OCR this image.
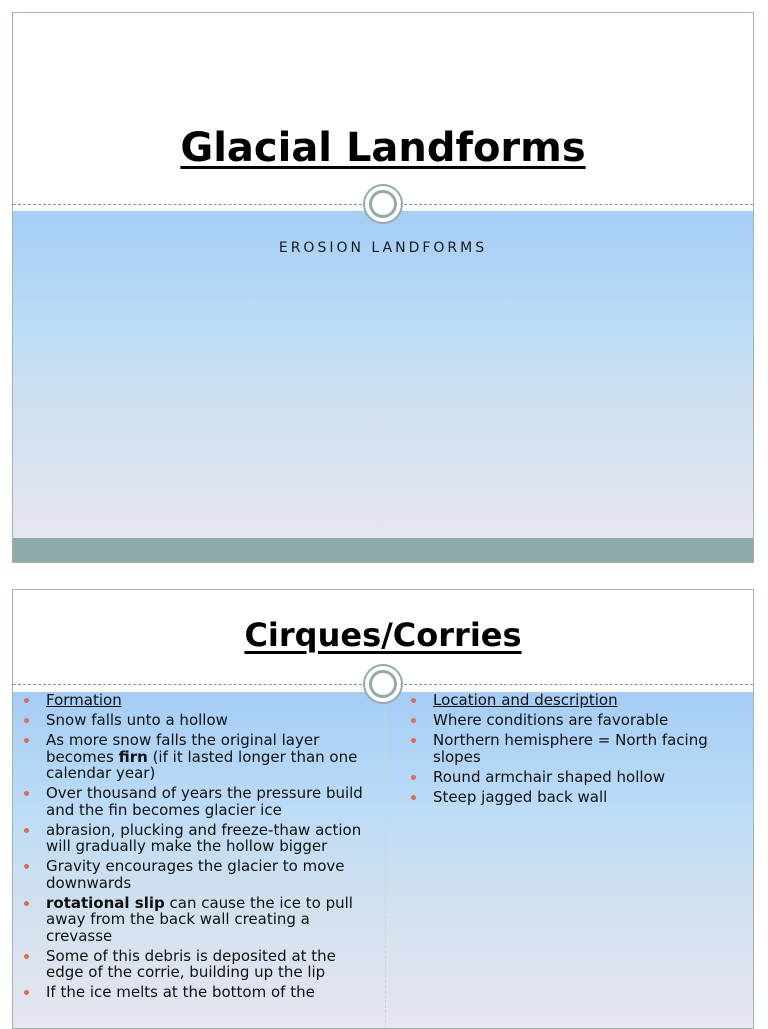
Glacial Landforms
EROSION LANDFORMS
Cirques/Corries
Formation
Snow falls unto a hollow
As more snow falls the original layer becomes firn (if it lasted longer than one calendar year)
Over thousand of years the pressure build and the fin becomes glacier ice
abrasion, plucking and freeze-thaw action will gradually make the hollow bigger
Gravity encourages the glacier to move downwards
rotational slip can cause the ice to pull away from the back wall creating a crevasse
Some of this debris is deposited at the edge of the corrie, building up the lip
If the ice melts at the bottom of the
Location and description
Where conditions are favorable
Northern hemisphere = North facing slopes
Round armchair shaped hollow
Steep jagged back wall
